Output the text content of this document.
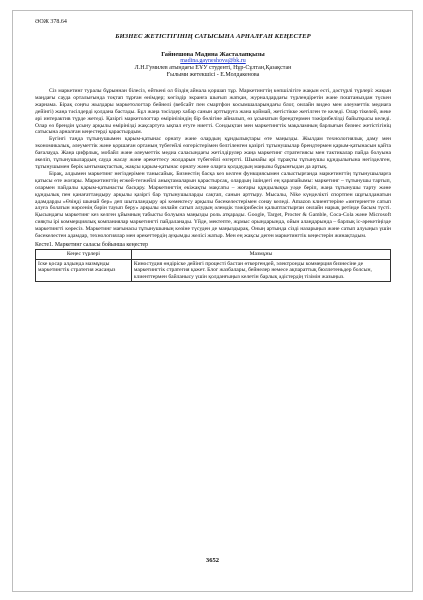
ӘОЖ 378.64
БИЗНЕС ЖЕТІСТІГІНІҢ САТЫСЫНА АРНАЛҒАН КЕҢЕСТЕР
Гайнешова Мадина Жасталапқызы
madina.gayneshova@bk.ru
Л.Н.Гумилев атындағы ЕҰУ студенті, Нұр-Сұлтан,Қазақстан
Ғылыми жетекшісі - Е.Молдакенова

Сіз маркетинг туралы бұрыннан білесіз, өйткені ол біздің айнала қоршап тұр. Маркетингтің көпшілігіге жақын есті, дәстүрлі түрлері: жақын маңдағы сауда орталығында тоқтап тұрған өнімдер; көгіздір экранға шығып жатқан, журналдардағы түрлендіретін және поштаныздан түскен жарнама. Бірақ соңғы жылдары маркетологтар бейнелі (вебсайт пен смартфон косымшаларындағы блог, онлайн видео мен әлеуметтік медиаға дейінгі) жаңа тәсілдерді қолдана бастады. Бұл жаңа тәсілдер хабар санын арттыруға жана қоймай, жетістікке жетілген те келеді. Олар тікелей, жеке әрі интерактив түрде жетеді. Қазіргі маркетологтар өмірінізіндің бір бөлігіне айналып, өз ұсынатын брендтермен тәжірибелізді байытқысы келеді. Олар өз брендін ұсыну арқылы өмірінізді жақсартуға ықпал етуге ниетті. Сондықтан мен маркетингтік мақаламның барлығын бизнес жетістігініц сатысына арналған кеңестерді қарастырдым.

Бүгінгі таңда тұтынушымен қарым-қатынас орнату және олардың құндылықтары өте маңызды. Жылдам технологиялық даму мен экономикалық, әлеуметтік және қоршаған ортаның түбегейлі өзгерістерімен белгіленген қазіргі тұтынушылар брендтермен қарым-қатынасын қайта бағалауда. Жаңа цифрлық, мобайл және әлеуметтік медиа саласындағы жетілдірулер жаңа маркетинг стратегиясы мен тактикалар пайда болуына әкеліп, тұтынушылардың сауда жасау және әрекеттесу жолдарын түбегейлі өзгертті. Шынайы әрі тұрақты тұтынушы құндылығына негізделген, тұтынушымен берік ынтымақтастық, жақсы қарым-қатынас орнату және оларға қолдаудың маңызы бұрынғыдан да артық.

Бірақ, алдымен маркетинг негіздерімен танысайық. Бизнестің басқа кез келген функциясымен салыстырғанда маркетингтің тұтынушыларға қатысы өте жоғары. Маркетингтің егжей-тегжейлі анықтамаларын қарастырсақ, олардың ішіндегі ең қарапайымы: маркетинг – тұтынушы тартып, олармен пайдалы қарым-қатынасты басқару. Маркетингтің екіжақты мақсаты – жоғары құндылыққа уәде беріп, жаңа тұтынушы тарту және құндылық пен қанағаттандыру арқылы қазіргі бар тұтынушыларды сақтап, санын арттыру. Мысалы, Nike күнделікті спортпен шұғылданатын адамдарды «Өзіңді шынай бер» деп шыталандыру әрі көмектесу арқылы бәсекелестерімен сонау келеді. Amazon клиенттеріне «интернетте сатып алуға болатын нәрсенің бәрін тауып беру» арқылы онлайн сатып алудың әлемдік тәжірибесін қалыптастырған онлайн нарық ретінде басым түсті. Қысындағы маркетинг кез келген ұйымның табысты болуына маңызды роль атқарады. Google, Target, Procter & Gamble, Coca-Cola және Microsoft сияқты ірі коммерциялық компаниялар маркетингті пайдаланады. Үйде, мектепте, жұмыс орындарында, ойын алаңдарында – барлық іс-әрекетіңізде маркетингті көресіз. Маркетинг мағынасы тұтынушының көзіне түсуден де маңыздырақ. Оның артында сізді назарыңыз және сатып алуыңыз үшін бәсекелестен адамдар, технологиялар мен әрекеттердің ауқымды желісі жатыр. Мен ең жақсы деген маркетингтік кеңестерін жинақтадым.

Кесте1. Маркетинг саласы бойынша кеңестер
Кеңес түрлері	Мазмұны
Іске қосар алдында мазмұнды маркетингтік стратегия жасаңыз	Киностудия өндіріске дейінгі процесті бастан өткергендей, электронды коммерция бизнесіне де маркетингтік стратегия қажет. Блог жазбалары, бейнелер немесе ақпараттық бюллетеньдер болсын, клиенттермен байланысу үшін қолданғыңыз келетін барлық әдістердің тізімін жазыңыз.
3652
